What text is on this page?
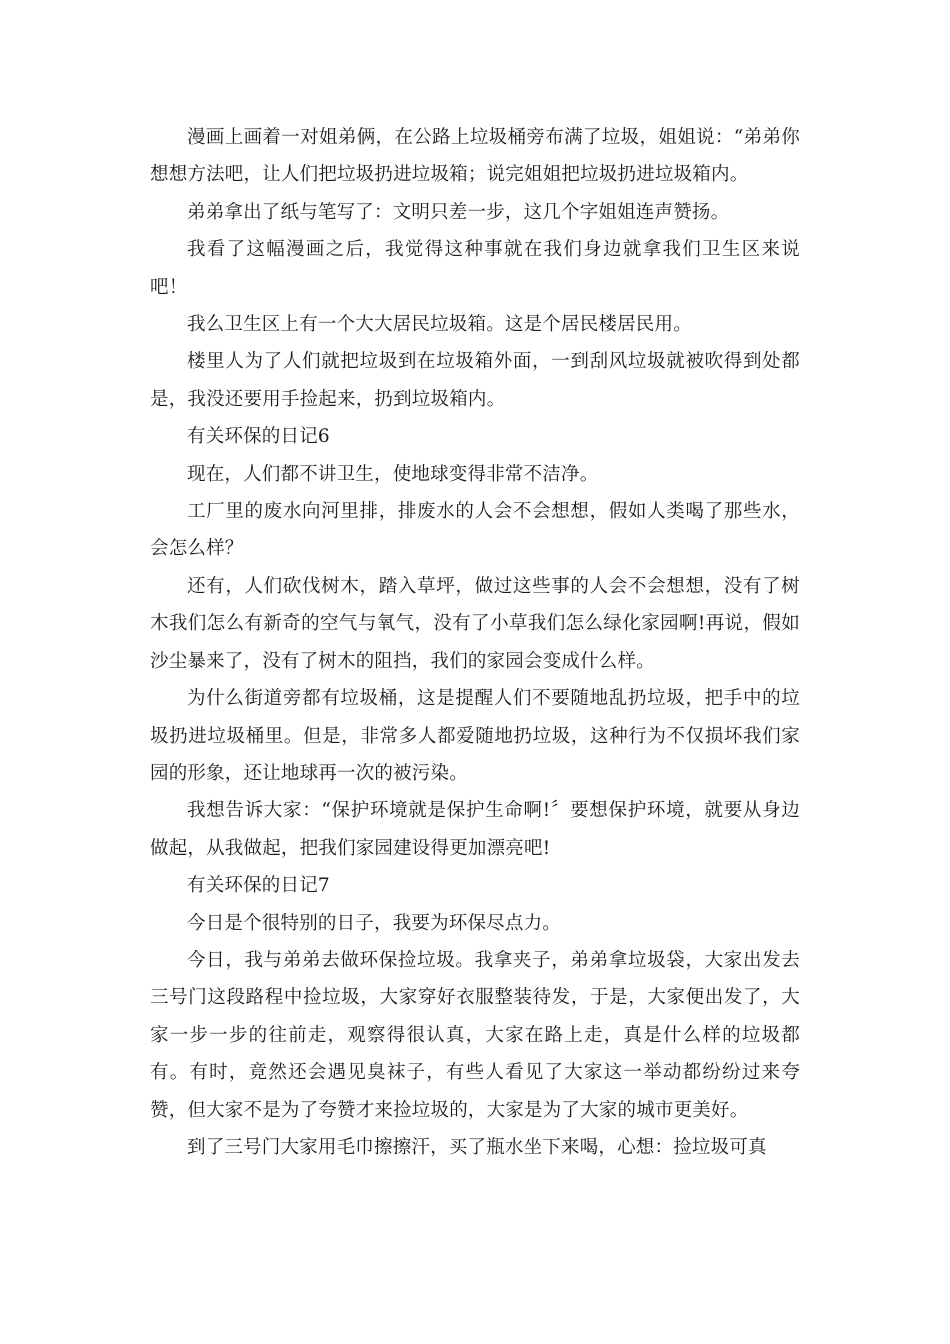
漫画上画着一对姐弟俩，在公路上垃圾桶旁布满了垃圾，姐姐说：“弟弟你想想方法吧，让人们把垃圾扔进垃圾箱；说完姐姐把垃圾扔进垃圾箱内。

弟弟拿出了纸与笔写了：文明只差一步，这几个字姐姐连声赞扬。

我看了这幅漫画之后，我觉得这种事就在我们身边就拿我们卫生区来说吧！

我么卫生区上有一个大大居民垃圾箱。这是个居民楼居民用。

楼里人为了人们就把垃圾到在垃圾箱外面，一到刮风垃圾就被吹得到处都是，我没还要用手捡起来，扔到垃圾箱内。

有关环保的日记6

现在，人们都不讲卫生，使地球变得非常不洁净。

工厂里的废水向河里排，排废水的人会不会想想，假如人类喝了那些水，会怎么样？

还有，人们砍伐树木，踏入草坪，做过这些事的人会不会想想，没有了树木我们怎么有新奇的空气与氧气，没有了小草我们怎么绿化家园啊!再说，假如沙尘暴来了，没有了树木的阻挡，我们的家园会变成什么样。

为什么街道旁都有垃圾桶，这是提醒人们不要随地乱扔垃圾，把手中的垃圾扔进垃圾桶里。但是，非常多人都爱随地扔垃圾，这种行为不仅损坏我们家园的形象，还让地球再一次的被污染。

我想告诉大家：“保护环境就是保护生命啊!〞要想保护环境，就要从身边做起，从我做起，把我们家园建设得更加漂亮吧!

有关环保的日记7

今日是个很特别的日子，我要为环保尽点力。

今日，我与弟弟去做环保捡垃圾。我拿夹子，弟弟拿垃圾袋，大家出发去三号门这段路程中捡垃圾，大家穿好衣服整装待发，于是，大家便出发了，大家一步一步的往前走，观察得很认真，大家在路上走，真是什么样的垃圾都有。有时，竟然还会遇见臭袜子，有些人看见了大家这一举动都纷纷过来夸赞，但大家不是为了夸赞才来捡垃圾的，大家是为了大家的城市更美好。

到了三号门大家用毛巾擦擦汗，买了瓶水坐下来喝，心想：捡垃圾可真
